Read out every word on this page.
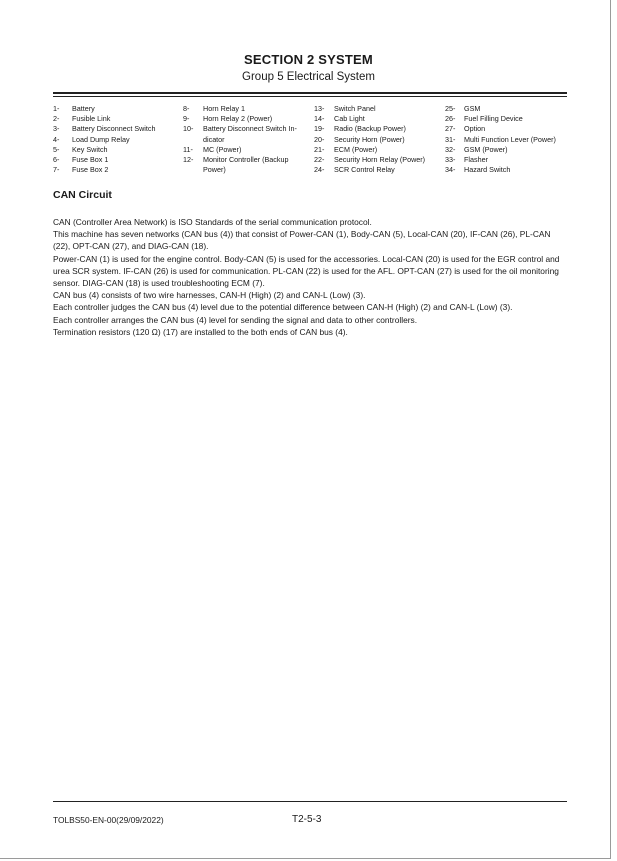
SECTION 2 SYSTEM
Group 5 Electrical System
1-	Battery
2-	Fusible Link
3-	Battery Disconnect Switch
4-	Load Dump Relay
5-	Key Switch
6-	Fuse Box 1
7-	Fuse Box 2
8-	Horn Relay 1
9-	Horn Relay 2 (Power)
10-	Battery Disconnect Switch In-
dicator
11-	MC (Power)
12-	Monitor Controller (Backup
Power)
13-	Switch Panel
14-	Cab Light
19-	Radio (Backup Power)
20-	Security Horn (Power)
21-	ECM (Power)
22-	Security Horn Relay (Power)
24-	SCR Control Relay
25-	GSM
26-	Fuel Filling Device
27-	Option
31-	Multi Function Lever (Power)
32-	GSM (Power)
33-	Flasher
34-	Hazard Switch
CAN Circuit

CAN (Controller Area Network) is ISO Standards of the serial communication protocol.

This machine has seven networks (CAN bus (4)) that consist of Power-CAN (1), Body-CAN (5), Local-CAN (20), IF-CAN (26), PL-CAN (22), OPT-CAN (27), and DIAG-CAN (18).

Power-CAN (1) is used for the engine control. Body-CAN (5) is used for the accessories. Local-CAN (20) is used for the EGR control and urea SCR system. IF-CAN (26) is used for communication. PL-CAN (22) is used for the AFL. OPT-CAN (27) is used for the oil monitoring sensor. DIAG-CAN (18) is used troubleshooting ECM (7).

CAN bus (4) consists of two wire harnesses, CAN-H (High) (2) and CAN-L (Low) (3).

Each controller judges the CAN bus (4) level due to the potential difference between CAN-H (High) (2) and CAN-L (Low) (3).

Each controller arranges the CAN bus (4) level for sending the signal and data to other controllers.

Termination resistors (120 Ω) (17) are installed to the both ends of CAN bus (4).

TOLBS50-EN-00(29/09/2022)	T2-5-3
